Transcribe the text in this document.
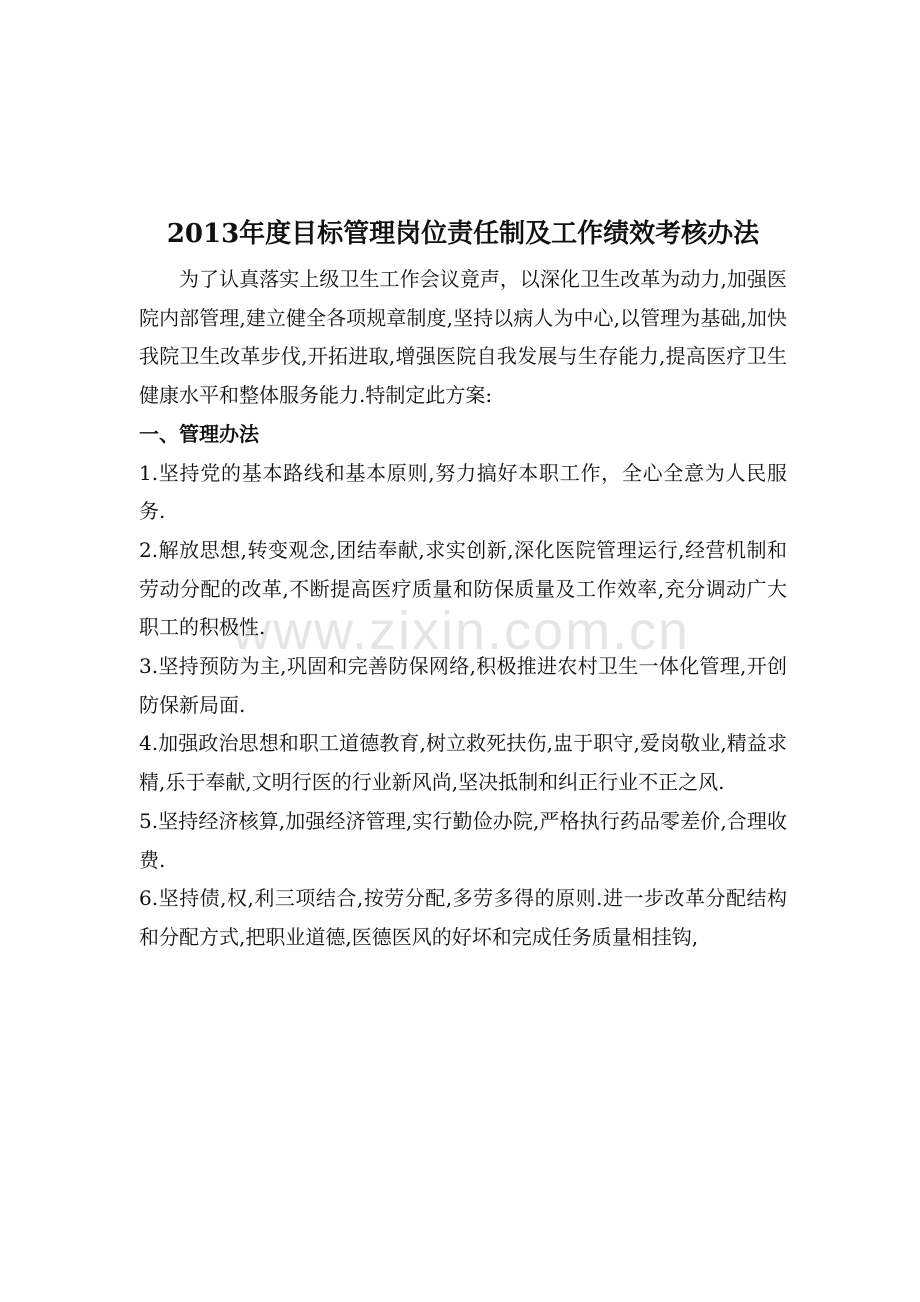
2013年度目标管理岗位责任制及工作绩效考核办法

为了认真落实上级卫生工作会议竟声，以深化卫生改革为动力,加强医院内部管理,建立健全各项规章制度,坚持以病人为中心,以管理为基础,加快我院卫生改革步伐,开拓进取,增强医院自我发展与生存能力,提高医疗卫生健康水平和整体服务能力.特制定此方案:

一、管理办法

1.坚持党的基本路线和基本原则,努力搞好本职工作，全心全意为人民服务.

2.解放思想,转变观念,团结奉献,求实创新,深化医院管理运行,经营机制和劳动分配的改革,不断提高医疗质量和防保质量及工作效率,充分调动广大职工的积极性.

3.坚持预防为主,巩固和完善防保网络,积极推进农村卫生一体化管理,开创防保新局面.

4.加强政治思想和职工道德教育,树立救死扶伤,盅于职守,爱岗敬业,精益求精,乐于奉献,文明行医的行业新风尚,坚决抵制和纠正行业不正之风.

5.坚持经济核算,加强经济管理,实行勤俭办院,严格执行药品零差价,合理收费.

6.坚持债,权,利三项结合,按劳分配,多劳多得的原则.进一步改革分配结构和分配方式,把职业道德,医德医风的好坏和完成任务质量相挂钩,

www.zixin.com.cn
